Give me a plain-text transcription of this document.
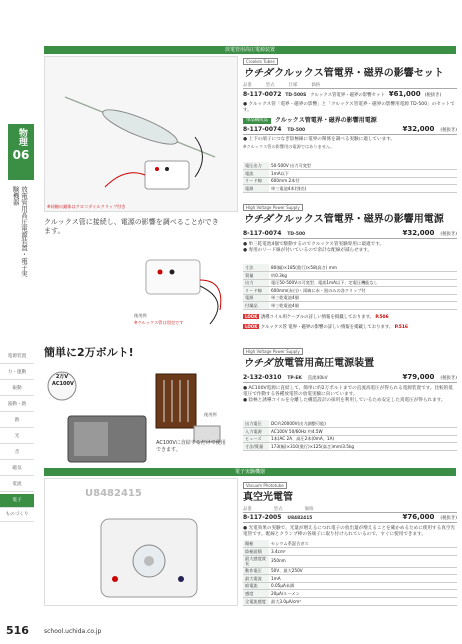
物理
06
放電管用高圧電源装置・電子実験機器
電源装置
力・運動
振動
波動・熱
熱
光
音
磁気
電流
電子
ものづくり
放電管用高圧電源装置
※同梱の錯体はクロコダイルクリップ付き
Crookes Tubes
ウチダ クルックス管電界・磁界の影響セット
品番	型式	仕様	価格
8-117-0072 TD-500S クルックス管電界・磁界の影響セット ¥61,000 (税抜き)
● クルックス管「電界・磁界の影響」と「クルックス管電界・磁界の影響用電源 TD-500」のセットです。
単品構成品	クルックス管電界・磁界の影響用電源
8-117-0074 TD-500	¥32,000 (税抜き)
● 上下の端子につなぎ陰極線に電界の関係を調べる実験に適しています。
※クルックス管の影響用の電源ではありません。
電圧出力	50-500V 出力可変型
電流	1mA以下
リード線	600mm 2本付
電源	単三電池4本(別売)
クルックス管に接続し、電源の影響を調べることができます。
使用例
※クルックス管は別売です
High Voltage Power Supply
ウチダ クルックス管電界・磁界の影響用電源
8-117-0074 TD-500	¥32,000 (税抜き)
● 単三乾電池4個で駆動するのでクルックス管実験専用に最適です。
● 専用のリード線が付いているので余計な配線が減らせます。
寸法	80(幅)×185(奥行)×58(高さ) mm
質量	約0.3kg
出力	電圧50-500Vの可変型、電流1mA以下、定電圧機能なし
リード線	600mm(赤白)・両端に赤・黒のみの各クリップ付
電源	単三乾電池4個
付属品	単三乾電池4個
LOOK 誘導コイル用ケーブルの詳しい情報を掲載しております。 P.506
LOOK クルックス管 電界・磁界の影響の詳しい情報を掲載しております。 P.516
簡単に2万ボルト!
2万V
AC100V
AC100Vに直結するだけで使用できます。
使用例
High Voltage Power Supply
ウチダ 放電管用高圧電源装置
2-132-0310 TP-EK 直流40kV	¥79,000 (税抜き)
● AC100V電源に直結して、簡単に約2万ボルトまでの直流高電圧が得られる電源装置です。比較的低電圧で作動する各種放電管の放電実験に向いています。
● 陰極と誘導コイルを分離した構造設計の採用を利用しているため安定した真電圧が得られます。
出力電圧	DC約20000V(出力調整可能)
入力電源	AC100V 50/60Hz 約4.5W
ヒューズ	1本(AC 2A、高圧2本(0mA、1A)
寸法/質量	173(幅)×310(奥行)×125(高さ)mm/3.5kg
電子実験機器
U8482415
Vacuum Phototube
真空光電管
品番	型式	価格
8-117-2005 U8482415	¥76,000 (税抜き)
● 光電効果の実験で、光量が増えるにつれ電子の放出量が増えることを確かめるために使用する真空光電管です。配線とクランプ棒の各端子に取り付けられているので、すぐに使用できます。
陽極	セシウム系混合ガス
陰極面積	3.4cm²
最大感度波長	350nm
動作電圧	50V、最大250V
最大電流	1mA
暗電流	0.05μA未満
感度	20μA/ルーメン
全電流感度	最大3.0μA/cm²
516	school.uchida.co.jp
